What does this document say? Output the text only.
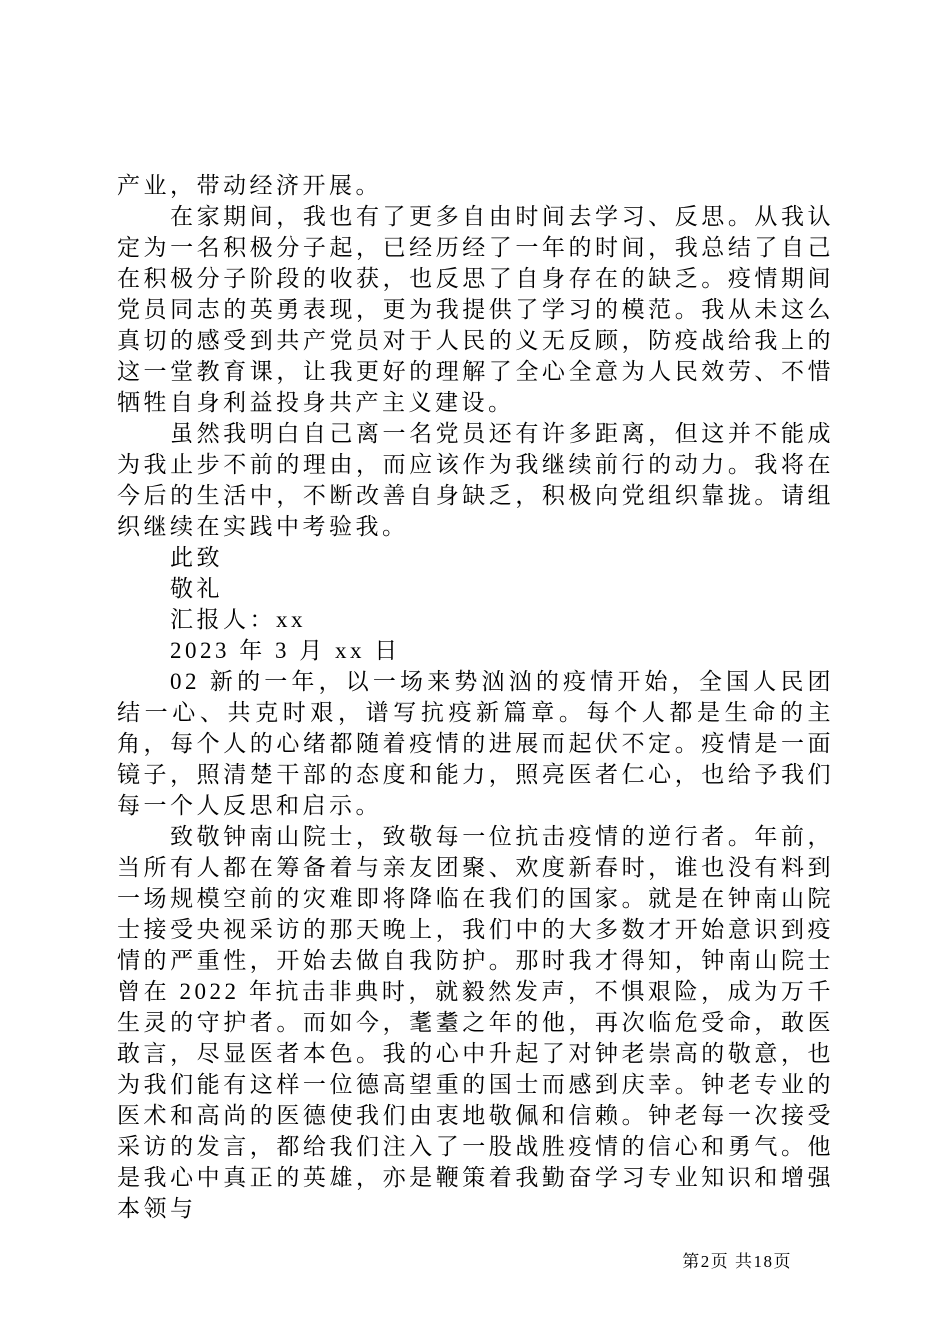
产业，带动经济开展。

在家期间，我也有了更多自由时间去学习、反思。从我认定为一名积极分子起，已经历经了一年的时间，我总结了自己在积极分子阶段的收获，也反思了自身存在的缺乏。疫情期间党员同志的英勇表现，更为我提供了学习的模范。我从未这么真切的感受到共产党员对于人民的义无反顾，防疫战给我上的这一堂教育课，让我更好的理解了全心全意为人民效劳、不惜牺牲自身利益投身共产主义建设。

虽然我明白自己离一名党员还有许多距离，但这并不能成为我止步不前的理由，而应该作为我继续前行的动力。我将在今后的生活中，不断改善自身缺乏，积极向党组织靠拢。请组织继续在实践中考验我。

此致

敬礼

汇报人：xx

2023 年 3 月 xx 日

02 新的一年，以一场来势汹汹的疫情开始，全国人民团结一心、共克时艰，谱写抗疫新篇章。每个人都是生命的主角，每个人的心绪都随着疫情的进展而起伏不定。疫情是一面镜子，照清楚干部的态度和能力，照亮医者仁心，也给予我们每一个人反思和启示。

致敬钟南山院士，致敬每一位抗击疫情的逆行者。年前，当所有人都在筹备着与亲友团聚、欢度新春时，谁也没有料到一场规模空前的灾难即将降临在我们的国家。就是在钟南山院士接受央视采访的那天晚上，我们中的大多数才开始意识到疫情的严重性，开始去做自我防护。那时我才得知，钟南山院士曾在 2022 年抗击非典时，就毅然发声，不惧艰险，成为万千生灵的守护者。而如今，耄耋之年的他，再次临危受命，敢医敢言，尽显医者本色。我的心中升起了对钟老崇高的敬意，也为我们能有这样一位德高望重的国士而感到庆幸。钟老专业的医术和高尚的医德使我们由衷地敬佩和信赖。钟老每一次接受采访的发言，都给我们注入了一股战胜疫情的信心和勇气。他是我心中真正的英雄，亦是鞭策着我勤奋学习专业知识和增强本领与

第2页 共18页
